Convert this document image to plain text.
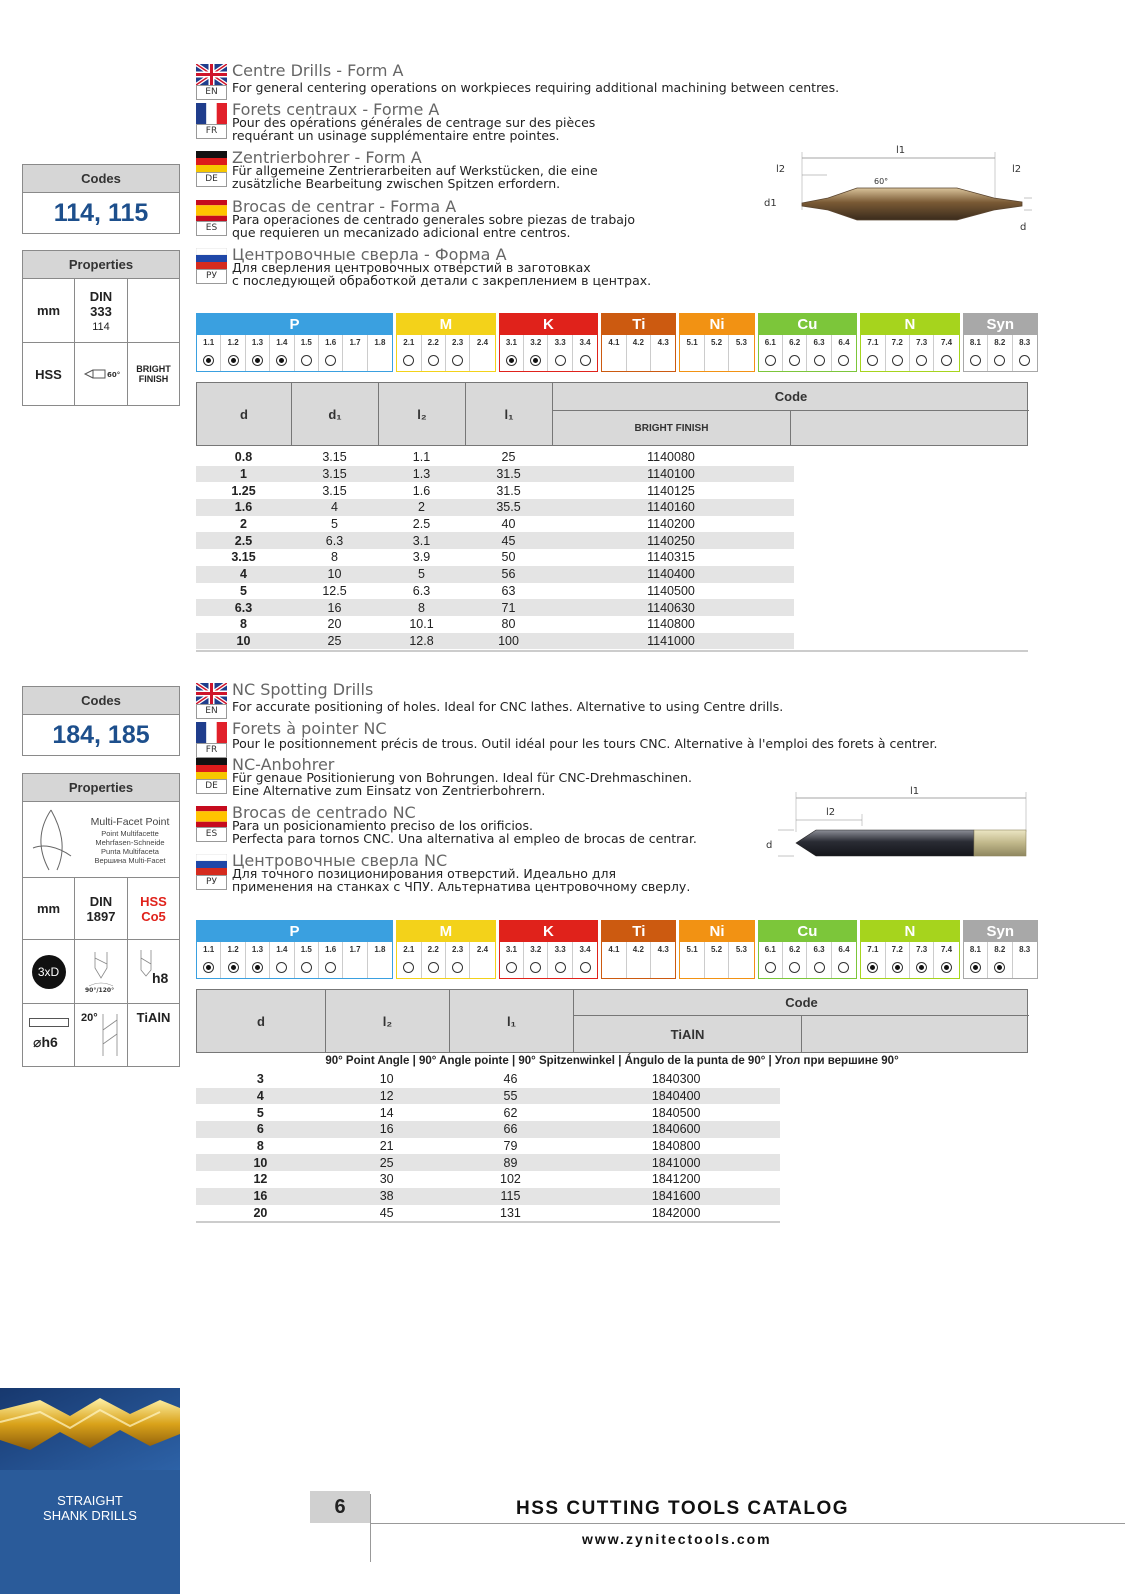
Codes
114, 115
Properties
mm
DIN 333
114
HSS	60°
BRIGHT FINISH
EN
Centre Drills - Form A
For general centering operations on workpieces requiring additional machining between centres.
FR
Forets centraux - Forme A
Pour des opérations générales de centrage sur des pièces
requérant un usinage supplémentaire entre pointes.
DE
Zentrierbohrer - Form A
Für allgemeine Zentrierarbeiten auf Werkstücken, die eine
zusätzliche Bearbeitung zwischen Spitzen erfordern.
ES
Brocas de centrar - Forma A
Para operaciones de centrado generales sobre piezas de trabajo
que requieren un mecanizado adicional entre centros.
РУ
Центровочные сверла - Форма А
Для сверления центровочных отверстий в заготовках
с последующей обработкой детали с закреплением в центрах.
l1
l2	l2
d1
d
60°
P
1.1	1.2	1.3	1.4	1.5	1.6	1.7	1.8
M
2.1	2.2	2.3	2.4
K
3.1	3.2	3.3	3.4
Ti
4.1	4.2	4.3
Ni
5.1	5.2	5.3
Cu
6.1	6.2	6.3	6.4
N
7.1	7.2	7.3	7.4
Syn
8.1	8.2	8.3
d	d₁	l₂	l₁
Code
BRIGHT FINISH
0.8	3.15	1.1	25	1140080
1	3.15	1.3	31.5	1140100
1.25	3.15	1.6	31.5	1140125
1.6	4	2	35.5	1140160
2	5	2.5	40	1140200
2.5	6.3	3.1	45	1140250
3.15	8	3.9	50	1140315
4	10	5	56	1140400
5	12.5	6.3	63	1140500
6.3	16	8	71	1140630
8	20	10.1	80	1140800
10	25	12.8	100	1141000
Codes
184, 185
Properties
Multi-Facet Point
Point Multifacette
Mehrfasen-Schneide
Punta Multifaceta
Вершина Multi-Facet
mm	DIN 1897
HSS Co5
3xD
90°/120°
h8
⌀h6
20°	TiAlN
EN
NC Spotting Drills
For accurate positioning of holes. Ideal for CNC lathes. Alternative to using Centre drills.
FR
Forets à pointer NC
Pour le positionnement précis de trous. Outil idéal pour les tours CNC. Alternative à l'emploi des forets à centrer.
DE
NC-Anbohrer
Für genaue Positionierung von Bohrungen. Ideal für CNC-Drehmaschinen.
Eine Alternative zum Einsatz von Zentrierbohrern.
ES
Brocas de centrado NC
Para un posicionamiento preciso de los orificios.
Perfecta para tornos CNC. Una alternativa al empleo de brocas de centrar.
РУ
Центровочные сверла NC
Для точного позиционирования отверстий. Идеально для
применения на станках с ЧПУ. Альтернатива центровочному сверлу.
l1
l2
d
P
1.1	1.2	1.3	1.4	1.5	1.6	1.7	1.8
M
2.1	2.2	2.3	2.4
K
3.1	3.2	3.3	3.4
Ti
4.1	4.2	4.3
Ni
5.1	5.2	5.3
Cu
6.1	6.2	6.3	6.4
N
7.1	7.2	7.3	7.4
Syn
8.1	8.2	8.3
d	l₂	l₁
Code
TiAlN
90° Point Angle | 90° Angle pointe | 90° Spitzenwinkel | Ángulo de la punta de 90° | Угол при вершине 90°
3	10	46	1840300
4	12	55	1840400
5	14	62	1840500
6	16	66	1840600
8	21	79	1840800
10	25	89	1841000
12	30	102	1841200
16	38	115	1841600
20	45	131	1842000
STRAIGHT
SHANK DRILLS	6	HSS CUTTING TOOLS CATALOG
www.zynitectools.com
